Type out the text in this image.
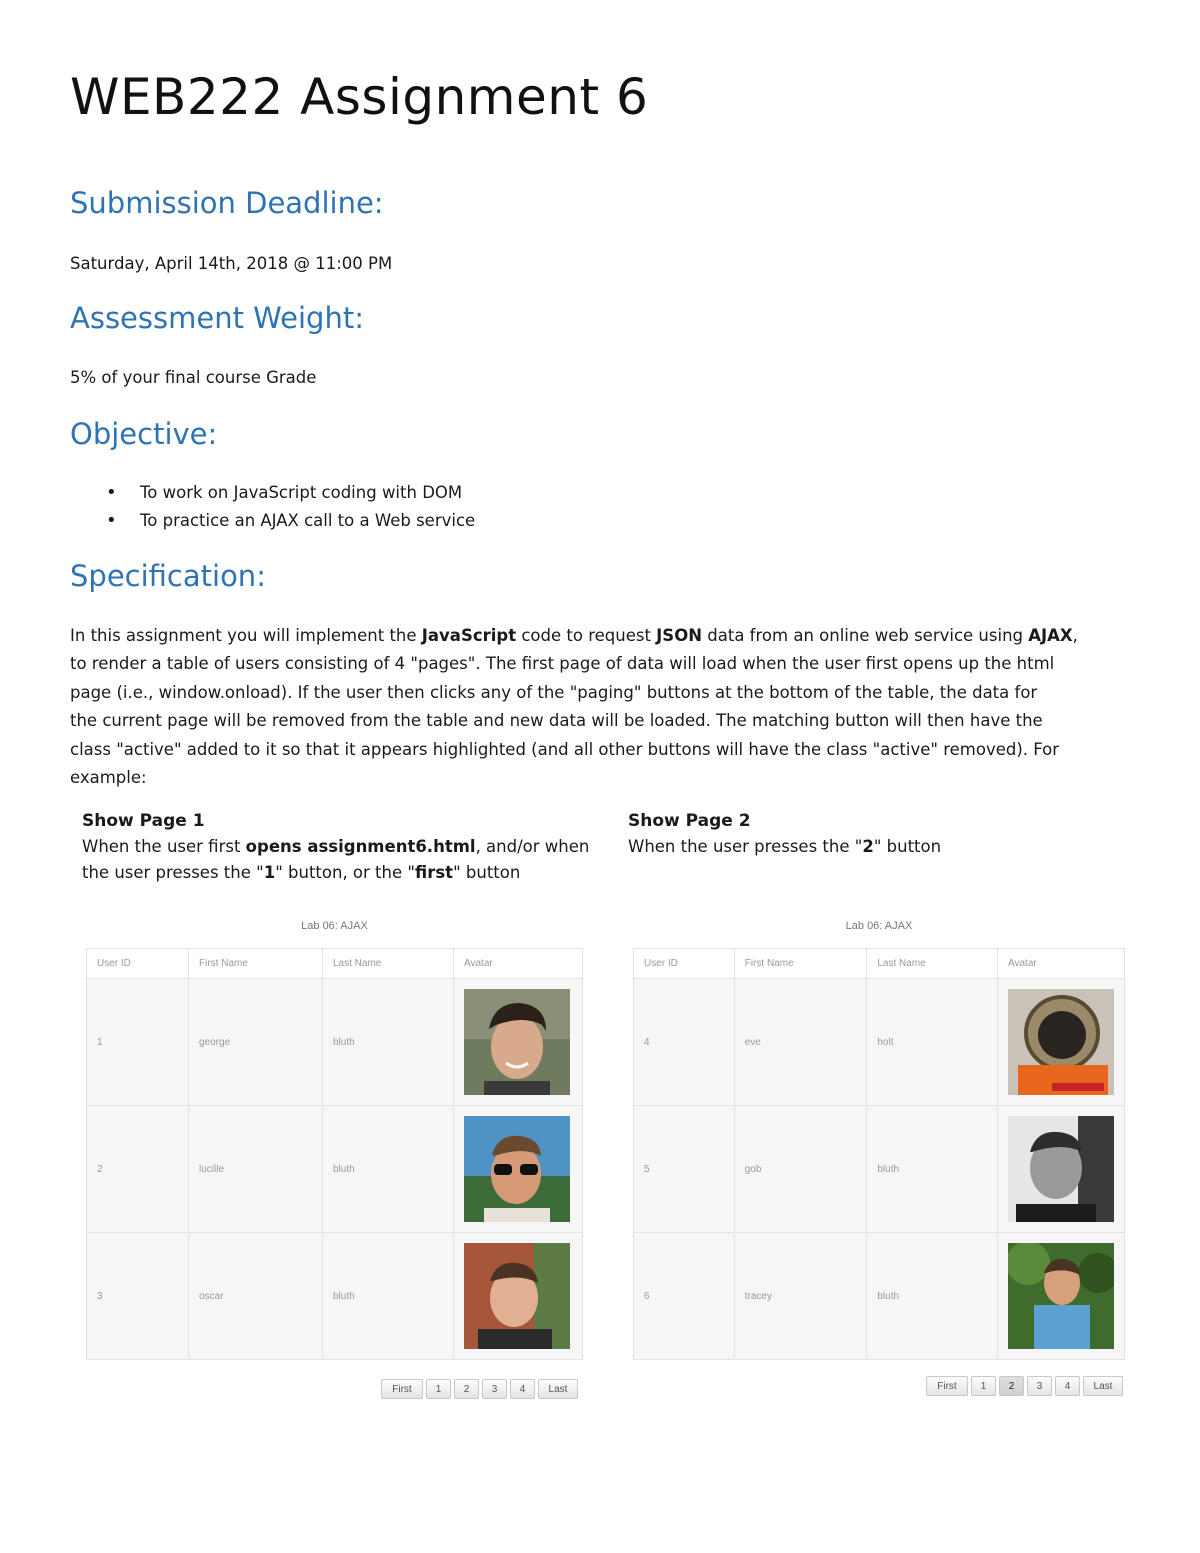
WEB222 Assignment 6
Submission Deadline:

Saturday, April 14th, 2018 @ 11:00 PM

Assessment Weight:

5% of your final course Grade

Objective:
• To work on JavaScript coding with DOM
• To practice an AJAX call to a Web service
Specification:
In this assignment you will implement the JavaScript code to request JSON data from an online web service using AJAX,
to render a table of users consisting of 4 "pages". The first page of data will load when the user first opens up the html
page (i.e., window.onload). If the user then clicks any of the "paging" buttons at the bottom of the table, the data for
the current page will be removed from the table and new data will be loaded. The matching button will then have the
class "active" added to it so that it appears highlighted (and all other buttons will have the class "active" removed). For
example:
Show Page 1
When the user first opens assignment6.html, and/or when
the user presses the "1" button, or the "first" button
Show Page 2
When the user presses the "2" button
Lab 06: AJAX
User ID	First Name	Last Name	Avatar
1	george	bluth	

2	lucille	bluth	

3	oscar	bluth	
First	1	2	3	4	Last
Lab 06: AJAX
User ID	First Name	Last Name	Avatar
4	eve	holt	

5	gob	bluth	

6	tracey	bluth	
First	1	2	3	4	Last
